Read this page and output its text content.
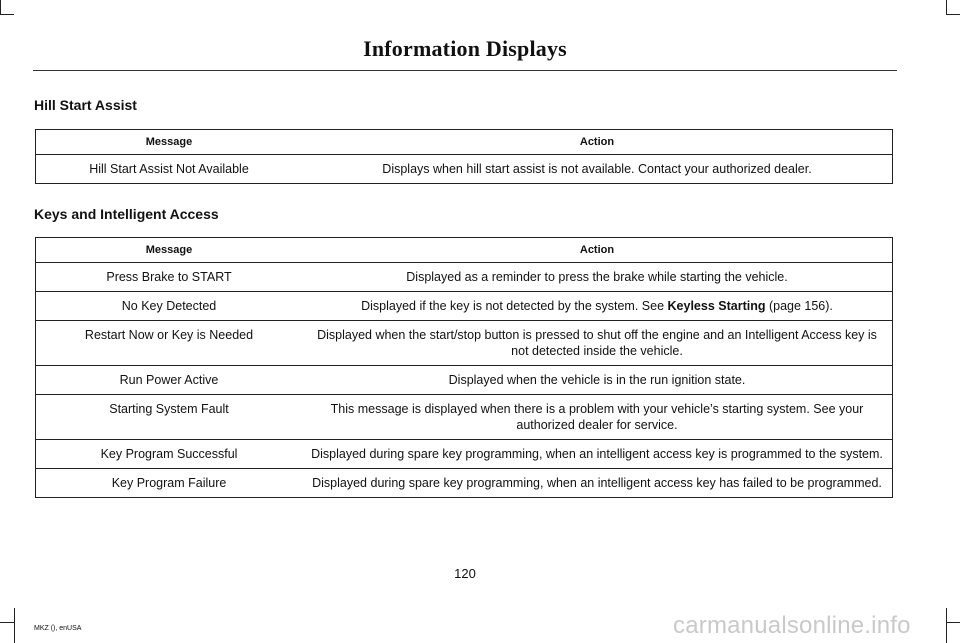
Information Displays
Hill Start Assist
Message	Action
Hill Start Assist Not Available	Displays when hill start assist is not available. Contact your authorized dealer.
Keys and Intelligent Access
Message	Action
Press Brake to START	Displayed as a reminder to press the brake while starting the vehicle.
No Key Detected	Displayed if the key is not detected by the system. See Keyless Starting (page 156).
Restart Now or Key is Needed	Displayed when the start/stop button is pressed to shut off the engine and an Intelligent Access key is not detected inside the vehicle.
Run Power Active	Displayed when the vehicle is in the run ignition state.
Starting System Fault	This message is displayed when there is a problem with your vehicle’s starting system. See your authorized dealer for service.
Key Program Successful	Displayed during spare key programming, when an intelligent access key is programmed to the system.
Key Program Failure	Displayed during spare key programming, when an intelligent access key has failed to be programmed.
120
MKZ (), enUSA	carmanualsonline.info
